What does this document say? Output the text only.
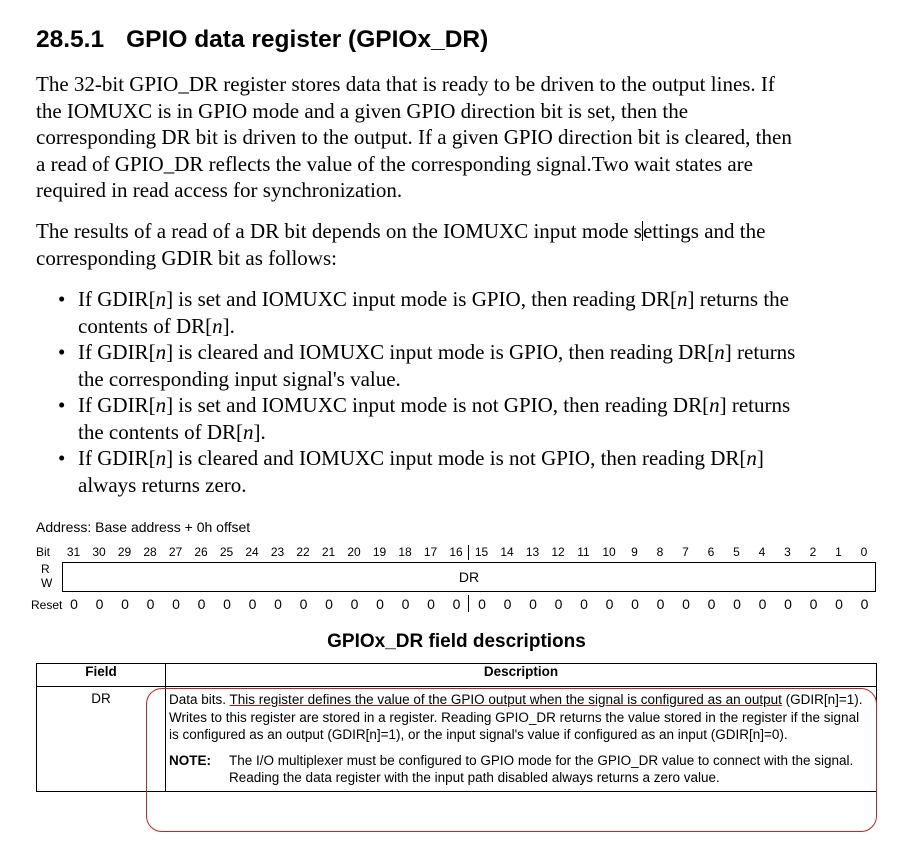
28.5.1 GPIO data register (GPIOx_DR)

The 32-bit GPIO_DR register stores data that is ready to be driven to the output lines. If
the IOMUXC is in GPIO mode and a given GPIO direction bit is set, then the
corresponding DR bit is driven to the output. If a given GPIO direction bit is cleared, then
a read of GPIO_DR reflects the value of the corresponding signal.Two wait states are
required in read access for synchronization.

The results of a read of a DR bit depends on the IOMUXC input mode settings and the
corresponding GDIR bit as follows:

• If GDIR[n] is set and IOMUXC input mode is GPIO, then reading DR[n] returns the
contents of DR[n].
• If GDIR[n] is cleared and IOMUXC input mode is GPIO, then reading DR[n] returns
the corresponding input signal's value.
• If GDIR[n] is set and IOMUXC input mode is not GPIO, then reading DR[n] returns
the contents of DR[n].
• If GDIR[n] is cleared and IOMUXC input mode is not GPIO, then reading DR[n]
always returns zero.
Address: Base address + 0h offset
Bit	31	30	29	28	27	26	25	24	23	22	21	20	19	18	17	16	15	14	13	12	11	10	9	8	7	6	5	4	3	2	1	0
R
W	DR
Reset 0	0	0	0	0	0	0	0	0	0	0	0	0	0	0	0	0	0	0	0	0	0	0	0	0	0	0	0	0	0	0	0
GPIOx_DR field descriptions
Field	Description
DR	Data bits. This register defines the value of the GPIO output when the signal is configured as an output (GDIR[n]=1). Writes to this register are stored in a register. Reading GPIO_DR returns the value stored in the register if the signal is configured as an output (GDIR[n]=1), or the input signal's value if configured as an input (GDIR[n]=0).
NOTE: The I/O multiplexer must be configured to GPIO mode for the GPIO_DR value to connect with the signal. Reading the data register with the input path disabled always returns a zero value.
